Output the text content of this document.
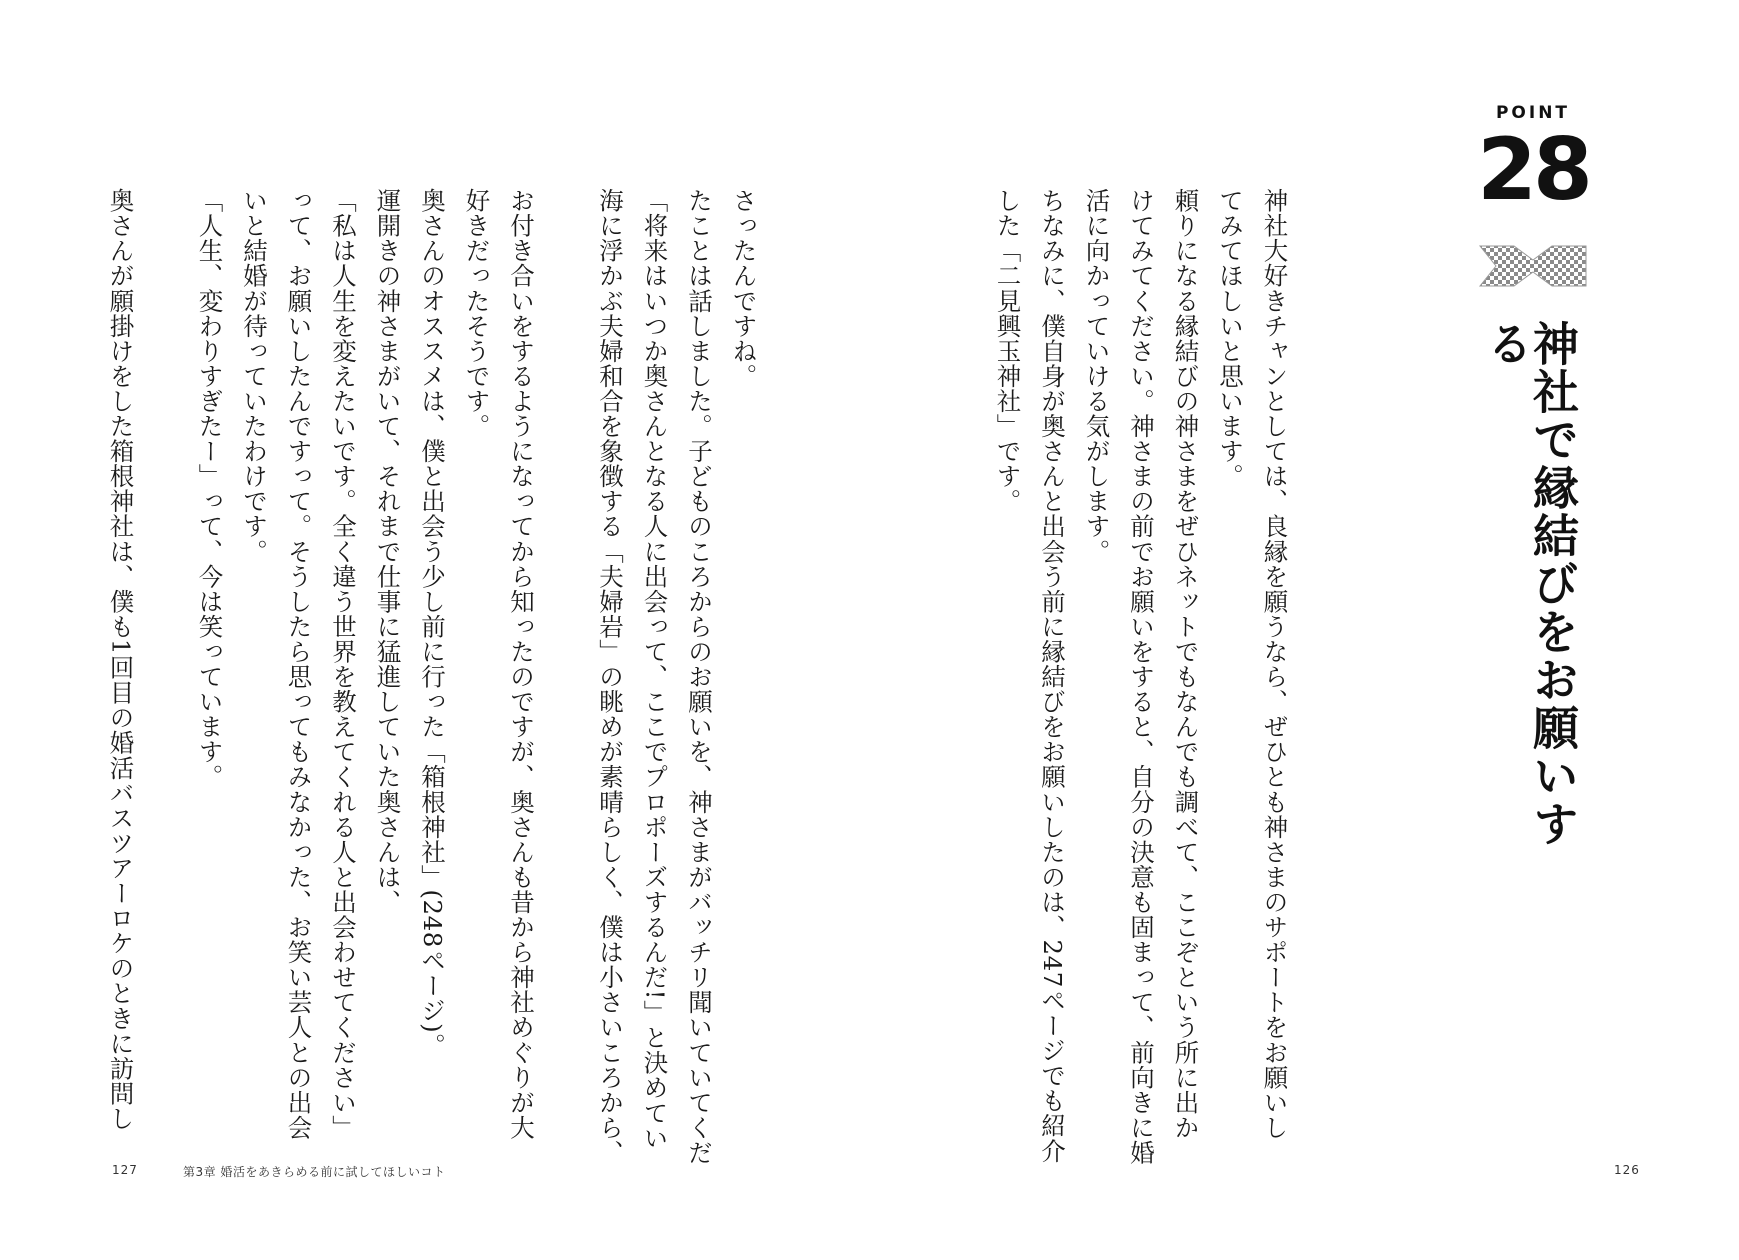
POINT
28
神社で縁結びをお願いする

神社大好きチャンとしては、良縁を願うなら、ぜひとも神さまのサポートをお願いし

てみてほしいと思います。

頼りになる縁結びの神さまをぜひネットでもなんでも調べて、ここぞという所に出か

けてみてください。神さまの前でお願いをすると、自分の決意も固まって、前向きに婚

活に向かっていける気がします。

ちなみに、僕自身が奥さんと出会う前に縁結びをお願いしたのは、247ページでも紹介

した「二見興玉神社」です。

さったんですね。

たことは話しました。子どものころからのお願いを、神さまがバッチリ聞いていてくだ

「将来はいつか奥さんとなる人に出会って、ここでプロポーズするんだ!」と決めてい

海に浮かぶ夫婦和合を象徴する「夫婦岩」の眺めが素晴らしく、僕は小さいころから、

お付き合いをするようになってから知ったのですが、奥さんも昔から神社めぐりが大

好きだったそうです。

奥さんのオススメは、僕と出会う少し前に行った「箱根神社」(248ページ)。

運開きの神さまがいて、それまで仕事に猛進していた奥さんは、

「私は人生を変えたいです。全く違う世界を教えてくれる人と出会わせてください」

って、お願いしたんですって。そうしたら思ってもみなかった、お笑い芸人との出会

いと結婚が待っていたわけです。

「人生、変わりすぎたー」って、今は笑っています。

奥さんが願掛けをした箱根神社は、僕も1回目の婚活バスツアーロケのときに訪問し

127	第3章 婚活をあきらめる前に試してほしいコト	126
